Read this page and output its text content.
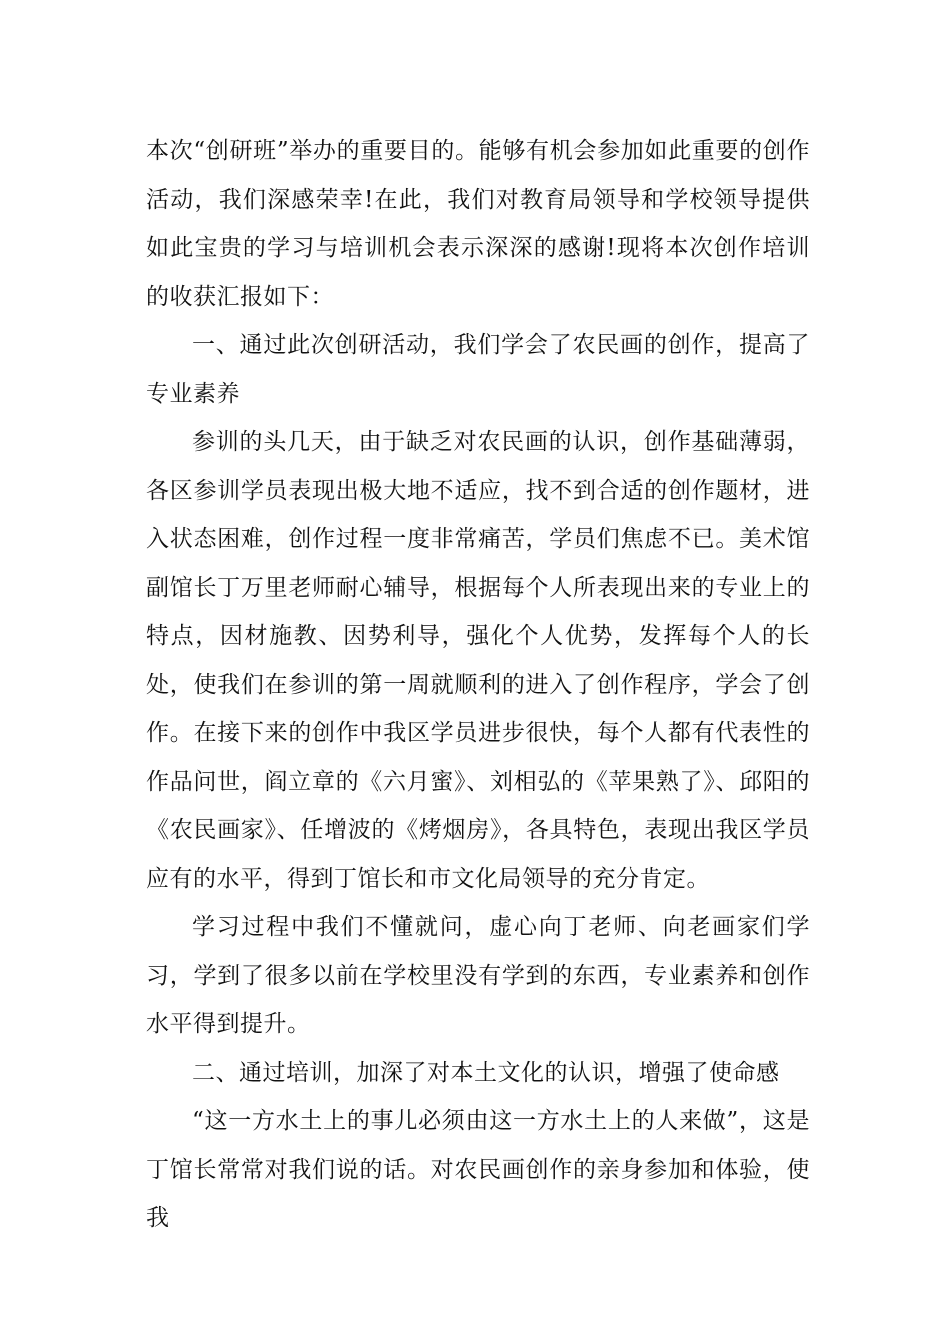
本次“创研班”举办的重要目的。能够有机会参加如此重要的创作活动，我们深感荣幸!在此，我们对教育局领导和学校领导提供如此宝贵的学习与培训机会表示深深的感谢!现将本次创作培训的收获汇报如下：

一、通过此次创研活动，我们学会了农民画的创作，提高了专业素养

参训的头几天，由于缺乏对农民画的认识，创作基础薄弱，各区参训学员表现出极大地不适应，找不到合适的创作题材，进入状态困难，创作过程一度非常痛苦，学员们焦虑不已。美术馆副馆长丁万里老师耐心辅导，根据每个人所表现出来的专业上的特点，因材施教、因势利导，强化个人优势，发挥每个人的长处，使我们在参训的第一周就顺利的进入了创作程序，学会了创作。在接下来的创作中我区学员进步很快，每个人都有代表性的作品问世，阎立章的《六月蜜》、刘相弘的《苹果熟了》、邱阳的《农民画家》、任增波的《烤烟房》，各具特色，表现出我区学员应有的水平，得到丁馆长和市文化局领导的充分肯定。

学习过程中我们不懂就问，虚心向丁老师、向老画家们学习，学到了很多以前在学校里没有学到的东西，专业素养和创作水平得到提升。

二、通过培训，加深了对本土文化的认识，增强了使命感

“这一方水土上的事儿必须由这一方水土上的人来做”，这是丁馆长常常对我们说的话。对农民画创作的亲身参加和体验，使我
